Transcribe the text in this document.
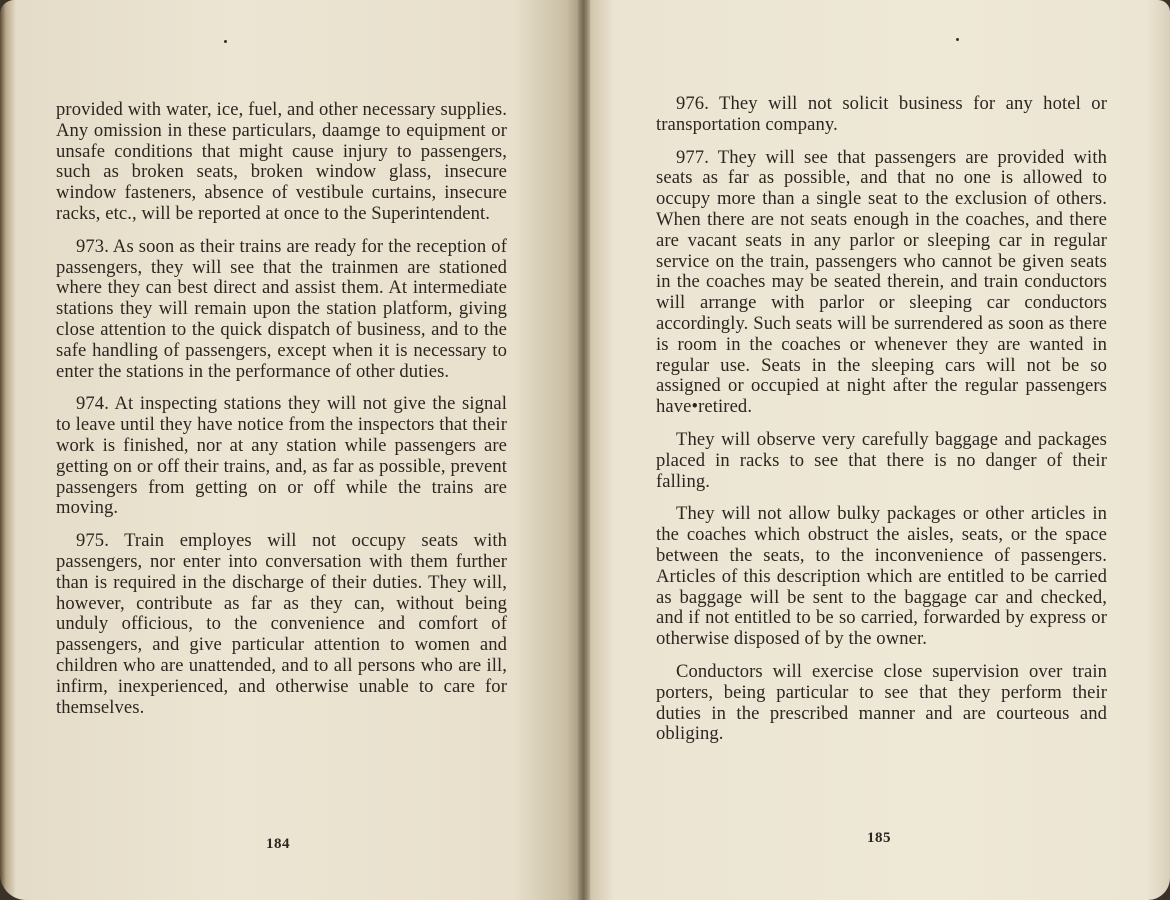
provided with water, ice, fuel, and other necessary supplies. Any omission in these particulars, daamge to equipment or unsafe conditions that might cause injury to passengers, such as broken seats, broken window glass, insecure window fasteners, absence of vestibule curtains, insecure racks, etc., will be reported at once to the Superintendent.

973. As soon as their trains are ready for the reception of passengers, they will see that the trainmen are stationed where they can best direct and assist them. At intermediate stations they will remain upon the station platform, giving close attention to the quick dispatch of business, and to the safe handling of passengers, except when it is necessary to enter the stations in the performance of other duties.

974. At inspecting stations they will not give the signal to leave until they have notice from the inspectors that their work is finished, nor at any station while passengers are getting on or off their trains, and, as far as possible, prevent passengers from getting on or off while the trains are moving.

975. Train employes will not occupy seats with passengers, nor enter into conversation with them further than is required in the discharge of their duties. They will, however, contribute as far as they can, without being unduly officious, to the convenience and comfort of passengers, and give particular attention to women and children who are unattended, and to all persons who are ill, infirm, inexperienced, and otherwise unable to care for themselves.

184

976. They will not solicit business for any hotel or transportation company.

977. They will see that passengers are provided with seats as far as possible, and that no one is allowed to occupy more than a single seat to the exclusion of others. When there are not seats enough in the coaches, and there are vacant seats in any parlor or sleeping car in regular service on the train, passengers who cannot be given seats in the coaches may be seated therein, and train conductors will arrange with parlor or sleeping car conductors accordingly. Such seats will be surrendered as soon as there is room in the coaches or whenever they are wanted in regular use. Seats in the sleeping cars will not be so assigned or occupied at night after the regular passengers have•retired.

They will observe very carefully baggage and packages placed in racks to see that there is no danger of their falling.

They will not allow bulky packages or other articles in the coaches which obstruct the aisles, seats, or the space between the seats, to the inconvenience of passengers. Articles of this description which are entitled to be carried as baggage will be sent to the baggage car and checked, and if not entitled to be so carried, forwarded by express or otherwise disposed of by the owner.

Conductors will exercise close supervision over train porters, being particular to see that they perform their duties in the prescribed manner and are courteous and obliging.

185
